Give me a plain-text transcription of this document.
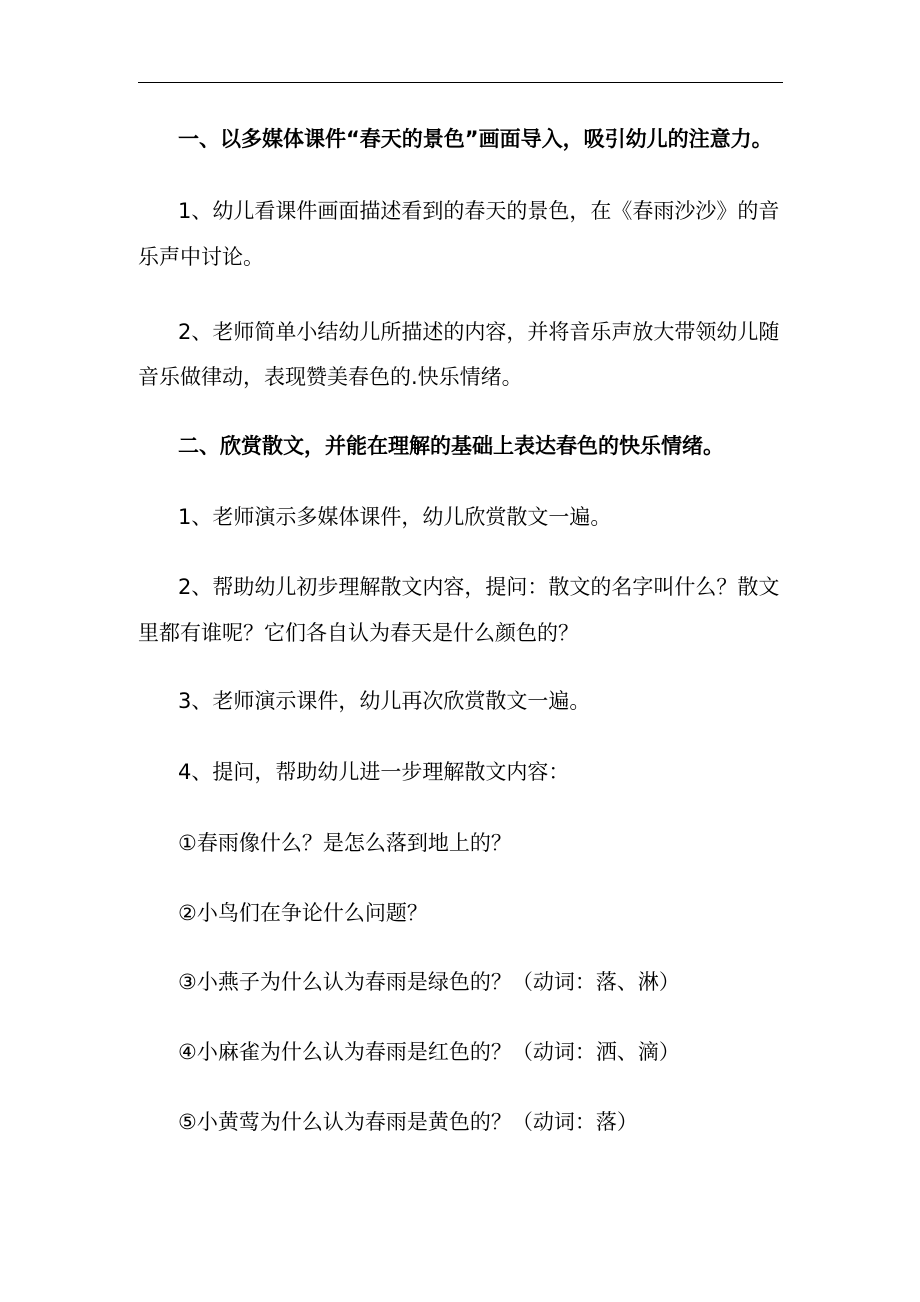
一、以多媒体课件“春天的景色”画面导入，吸引幼儿的注意力。
1、幼儿看课件画面描述看到的春天的景色，在《春雨沙沙》的音
乐声中讨论。
2、老师简单小结幼儿所描述的内容，并将音乐声放大带领幼儿随
音乐做律动，表现赞美春色的.快乐情绪。
二、欣赏散文，并能在理解的基础上表达春色的快乐情绪。
1、老师演示多媒体课件，幼儿欣赏散文一遍。
2、帮助幼儿初步理解散文内容，提问：散文的名字叫什么？散文
里都有谁呢？它们各自认为春天是什么颜色的？
3、老师演示课件，幼儿再次欣赏散文一遍。
4、提问，帮助幼儿进一步理解散文内容：
①春雨像什么？是怎么落到地上的？
②小鸟们在争论什么问题？
③小燕子为什么认为春雨是绿色的？（动词：落、淋）
④小麻雀为什么认为春雨是红色的？（动词：洒、滴）
⑤小黄莺为什么认为春雨是黄色的？（动词：落）
